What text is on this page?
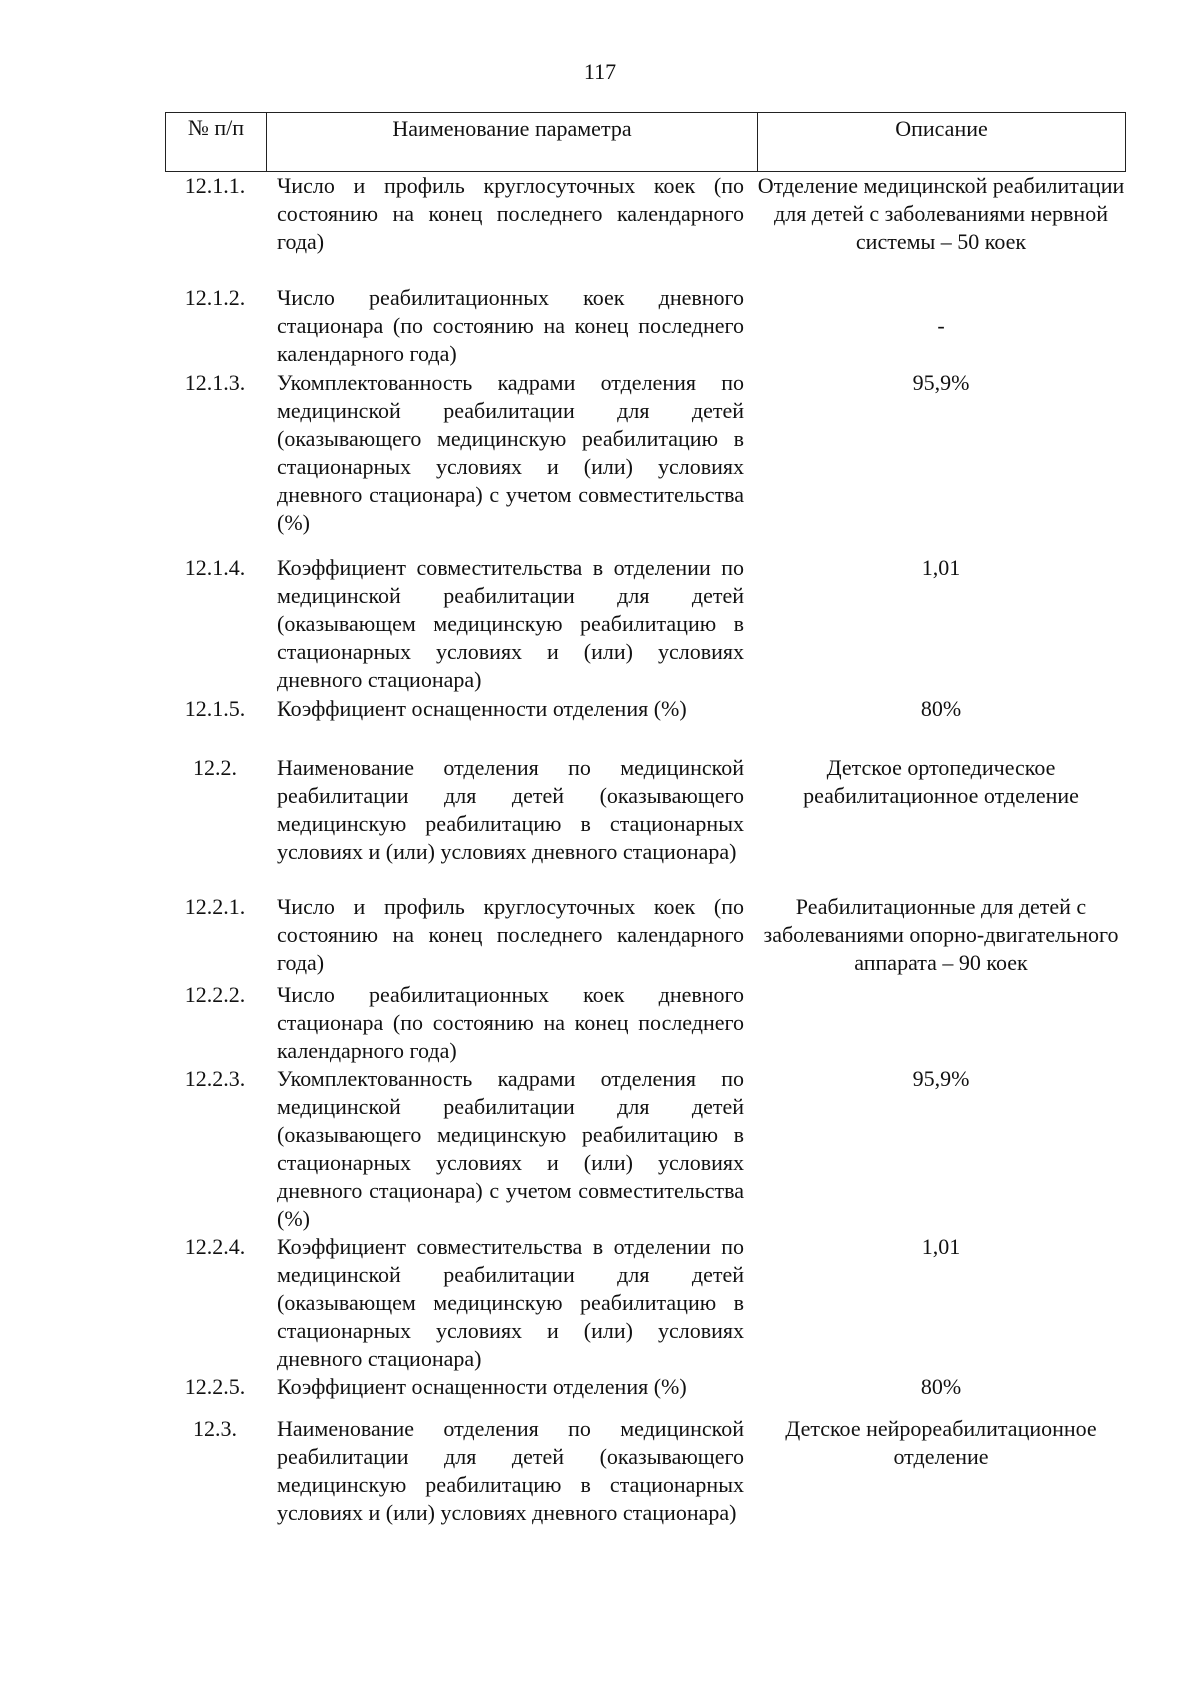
117
№ п/п	Наименование параметра	Описание
12.1.1.	Число и профиль круглосуточных коек (по состоянию на конец последнего календарного года)
Отделение медицинской реабилитации для детей с заболеваниями нервной системы – 50 коек
12.1.2.	Число реабилитационных коек дневного стационара (по состоянию на конец последнего календарного года)
-
12.1.3.	Укомплектованность кадрами отделения по медицинской реабилитации для детей (оказывающего медицинскую реабилитацию в стационарных условиях и (или) условиях дневного стационара) с учетом совместительства (%)
95,9%
12.1.4.	Коэффициент совместительства в отделении по медицинской реабилитации для детей (оказывающем медицинскую реабилитацию в стационарных условиях и (или) условиях дневного стационара)
1,01
12.1.5.	Коэффициент оснащенности отделения (%)	80%
12.2.	Наименование отделения по медицинской реабилитации для детей (оказывающего медицинскую реабилитацию в стационарных условиях и (или) условиях дневного стационара)
Детское ортопедическое реабилитационное отделение
12.2.1.	Число и профиль круглосуточных коек (по состоянию на конец последнего календарного года)
Реабилитационные для детей с заболеваниями опорно-двигательного аппарата – 90 коек
12.2.2.	Число реабилитационных коек дневного стационара (по состоянию на конец последнего календарного года)
12.2.3.	Укомплектованность кадрами отделения по медицинской реабилитации для детей (оказывающего медицинскую реабилитацию в стационарных условиях и (или) условиях дневного стационара) с учетом совместительства (%)
95,9%
12.2.4.	Коэффициент совместительства в отделении по медицинской реабилитации для детей (оказывающем медицинскую реабилитацию в стационарных условиях и (или) условиях дневного стационара)
1,01
12.2.5.	Коэффициент оснащенности отделения (%)	80%
12.3.	Наименование отделения по медицинской реабилитации для детей (оказывающего медицинскую реабилитацию в стационарных условиях и (или) условиях дневного стационара)
Детское нейрореабилитационное отделение
